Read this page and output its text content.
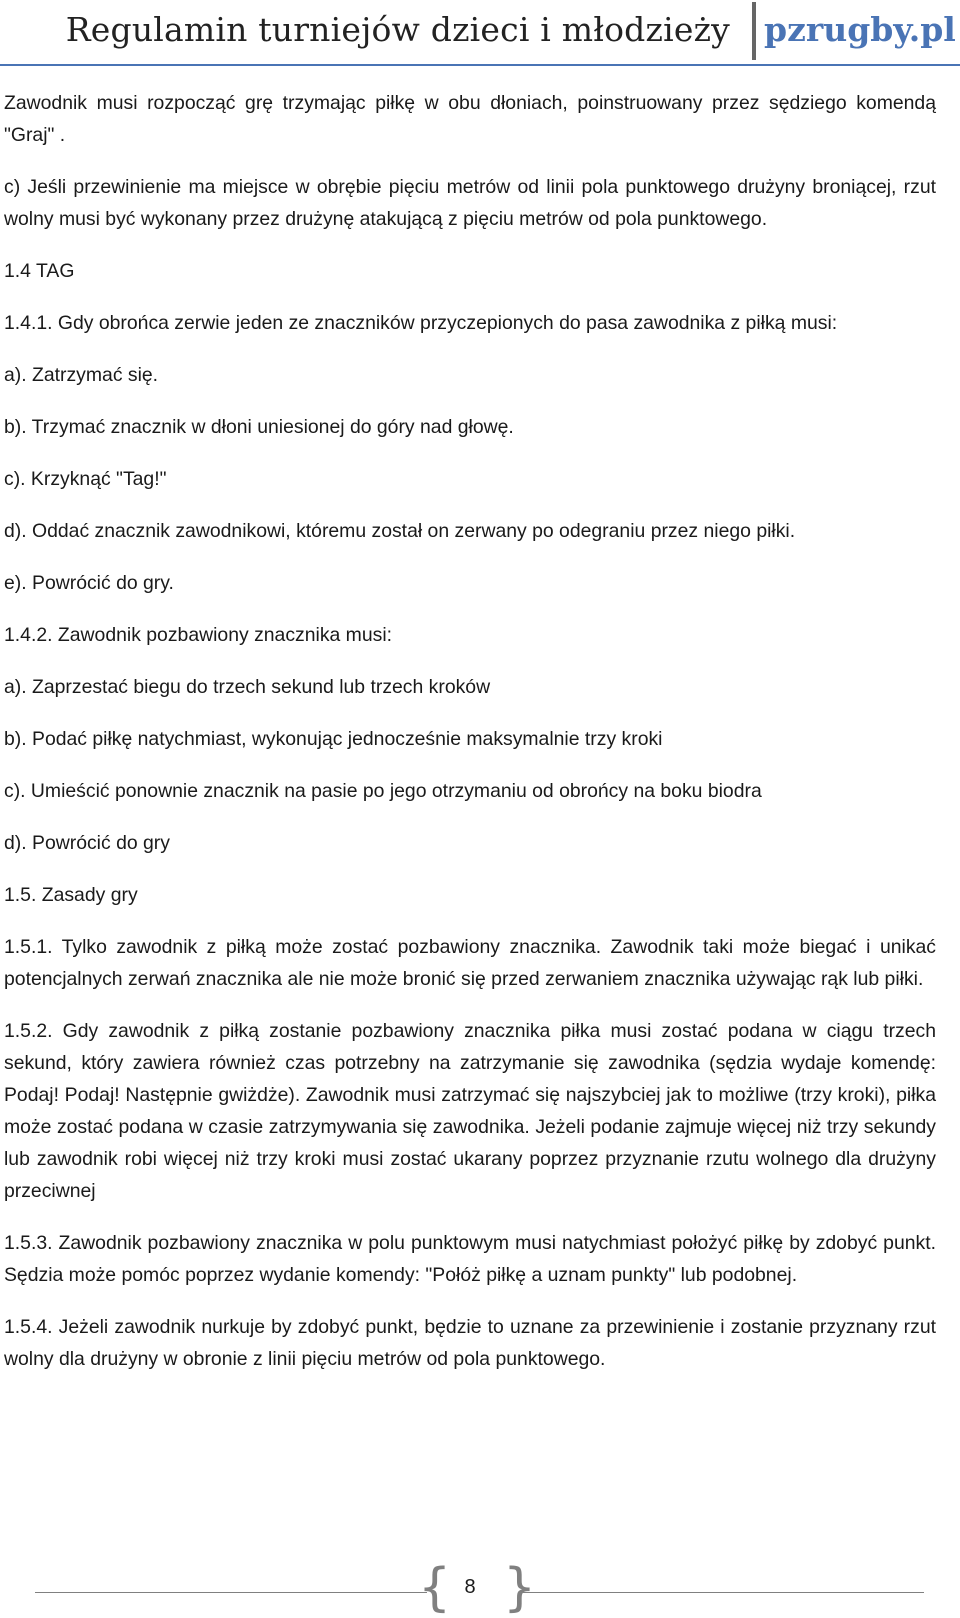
Regulamin turniejów dzieci i młodzieży pzrugby.pl

Zawodnik musi rozpocząć grę trzymając piłkę w obu dłoniach, poinstruowany przez sędziego komendą "Graj" .

c) Jeśli przewinienie ma miejsce w obrębie pięciu metrów od linii pola punktowego drużyny broniącej, rzut wolny musi być wykonany przez drużynę atakującą z pięciu metrów od pola punktowego.

1.4 TAG

1.4.1. Gdy obrońca zerwie jeden ze znaczników przyczepionych do pasa zawodnika z piłką musi:

a). Zatrzymać się.

b). Trzymać znacznik w dłoni uniesionej do góry nad głowę.

c). Krzyknąć "Tag!"

d). Oddać znacznik zawodnikowi, któremu został on zerwany po odegraniu przez niego piłki.

e). Powrócić do gry.

1.4.2. Zawodnik pozbawiony znacznika musi:

a). Zaprzestać biegu do trzech sekund lub trzech kroków

b). Podać piłkę natychmiast, wykonując jednocześnie maksymalnie trzy kroki

c). Umieścić ponownie znacznik na pasie po jego otrzymaniu od obrońcy na boku biodra

d). Powrócić do gry

1.5. Zasady gry

1.5.1. Tylko zawodnik z piłką może zostać pozbawiony znacznika. Zawodnik taki może biegać i unikać potencjalnych zerwań znacznika ale nie może bronić się przed zerwaniem znacznika używając rąk lub piłki.

1.5.2. Gdy zawodnik z piłką zostanie pozbawiony znacznika piłka musi zostać podana w ciągu trzech sekund, który zawiera również czas potrzebny na zatrzymanie się zawodnika (sędzia wydaje komendę: Podaj! Podaj! Następnie gwiżdże). Zawodnik musi zatrzymać się najszybciej jak to możliwe (trzy kroki), piłka może zostać podana w czasie zatrzymywania się zawodnika. Jeżeli podanie zajmuje więcej niż trzy sekundy lub zawodnik robi więcej niż trzy kroki musi zostać ukarany poprzez przyznanie rzutu wolnego dla drużyny przeciwnej

1.5.3. Zawodnik pozbawiony znacznika w polu punktowym musi natychmiast położyć piłkę by zdobyć punkt. Sędzia może pomóc poprzez wydanie komendy: "Połóż piłkę a uznam punkty" lub podobnej.

1.5.4. Jeżeli zawodnik nurkuje by zdobyć punkt, będzie to uznane za przewinienie i zostanie przyznany rzut wolny dla drużyny w obronie z linii pięciu metrów od pola punktowego.

{ }
8
